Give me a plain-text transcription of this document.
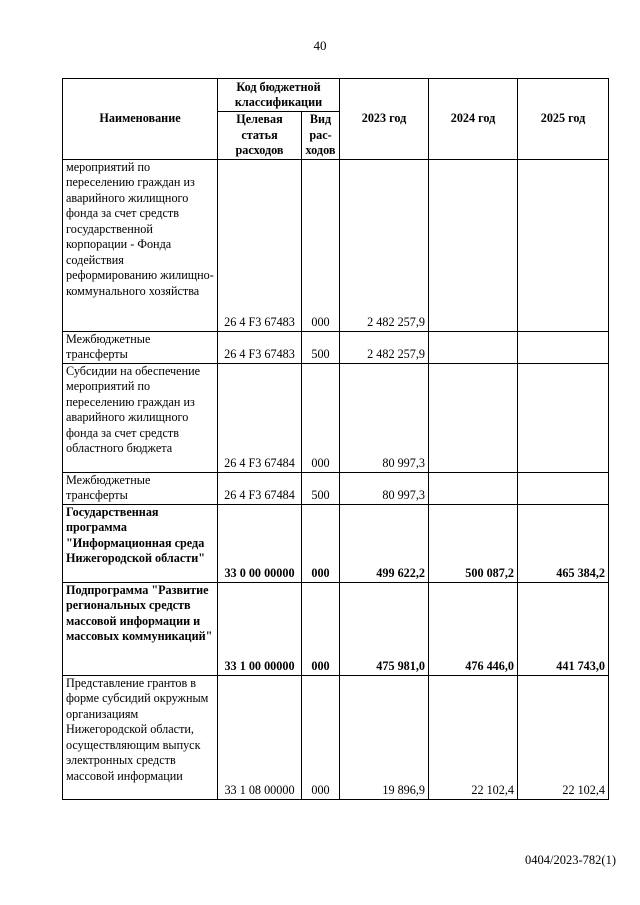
40
Наименование	Код бюджетной классификации		2023 год	2024 год	2025 год
	Целевая статья расходов	Вид рас-ходов			
мероприятий по переселению граждан из аварийного жилищного фонда за счет средств государственной корпорации - Фонда содействия реформированию жилищно-коммунального хозяйства	26 4 F3 67483	000	2 482 257,9		
Межбюджетные трансферты	26 4 F3 67483	500	2 482 257,9		
Субсидии на обеспечение мероприятий по переселению граждан из аварийного жилищного фонда за счет средств областного бюджета	26 4 F3 67484	000	80 997,3		
Межбюджетные трансферты	26 4 F3 67484	500	80 997,3		
Государственная программа "Информационная среда Нижегородской области"	33 0 00 00000	000	499 622,2	500 087,2	465 384,2
Подпрограмма "Развитие региональных средств массовой информации и массовых коммуникаций"	33 1 00 00000	000	475 981,0	476 446,0	441 743,0
Представление грантов в форме субсидий окружным организациям Нижегородской области, осуществляющим выпуск электронных средств массовой информации	33 1 08 00000	000	19 896,9	22 102,4	22 102,4
0404/2023-782(1)
